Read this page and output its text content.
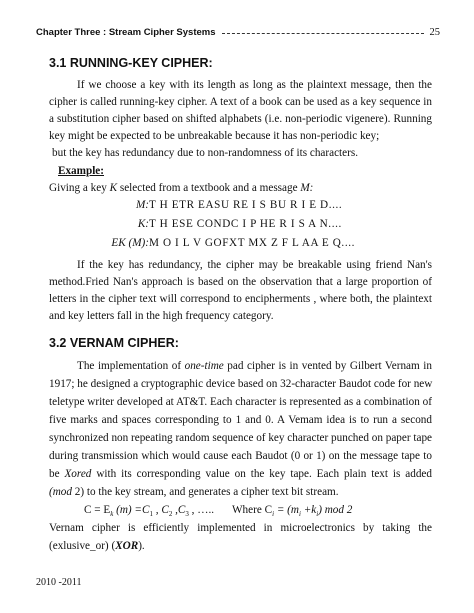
Chapter Three : Stream Cipher Systems	25
3.1 RUNNING-KEY CIPHER:
If we choose a key with its length as long as the plaintext message, then the
cipher is called running-key cipher. A text of a book can be used as a key sequence in
a substitution cipher based on shifted alphabets (i.e. non-periodic vigenere). Running
key might be expected to be unbreakable because it has non-periodic key;
but the key has redundancy due to non-randomness of its characters.
Example:
Giving a key K selected from a textbook and a message M:
M: T H ETR EASU RE I S BU R I E D....
K: T H ESE CONDC I P HE R I S A N....
EK (M): M O I L V GOFXT MX Z F L AA E Q....
If the key has redundancy, the cipher may be breakable using friend Nan's
method.Fried Nan's approach is based on the observation that a large proportion of
letters in the cipher text will correspond to encipherments , where both, the plaintext
and key letters fall in the high frequency category.
3.2 VERNAM CIPHER:
The implementation of one-time pad cipher is in vented by Gilbert Vernam in
1917; he designed a cryptographic device based on 32-character Baudot code for new
teletype writer developed at AT&T. Each character is represented as a combination of
five marks and spaces corresponding to 1 and 0. A Vemam idea is to run a second
synchronized non repeating random sequence of key character punched on paper tape
during transmission which would cause each Baudot (0 or 1) on the message tape to
be Xored with its corresponding value on the key tape. Each plain text is added
(mod 2) to the key stream, and generates a cipher text bit stream.
$C = E_k$ $(m) =C_1$ , $C_2$ $,C_3$ , ….. Where $C_i = (m_i +k_i)$ mod 2
Vernam cipher is efficiently implemented in microelectronics by taking the
(exlusive_or) (XOR).
2010 -2011
